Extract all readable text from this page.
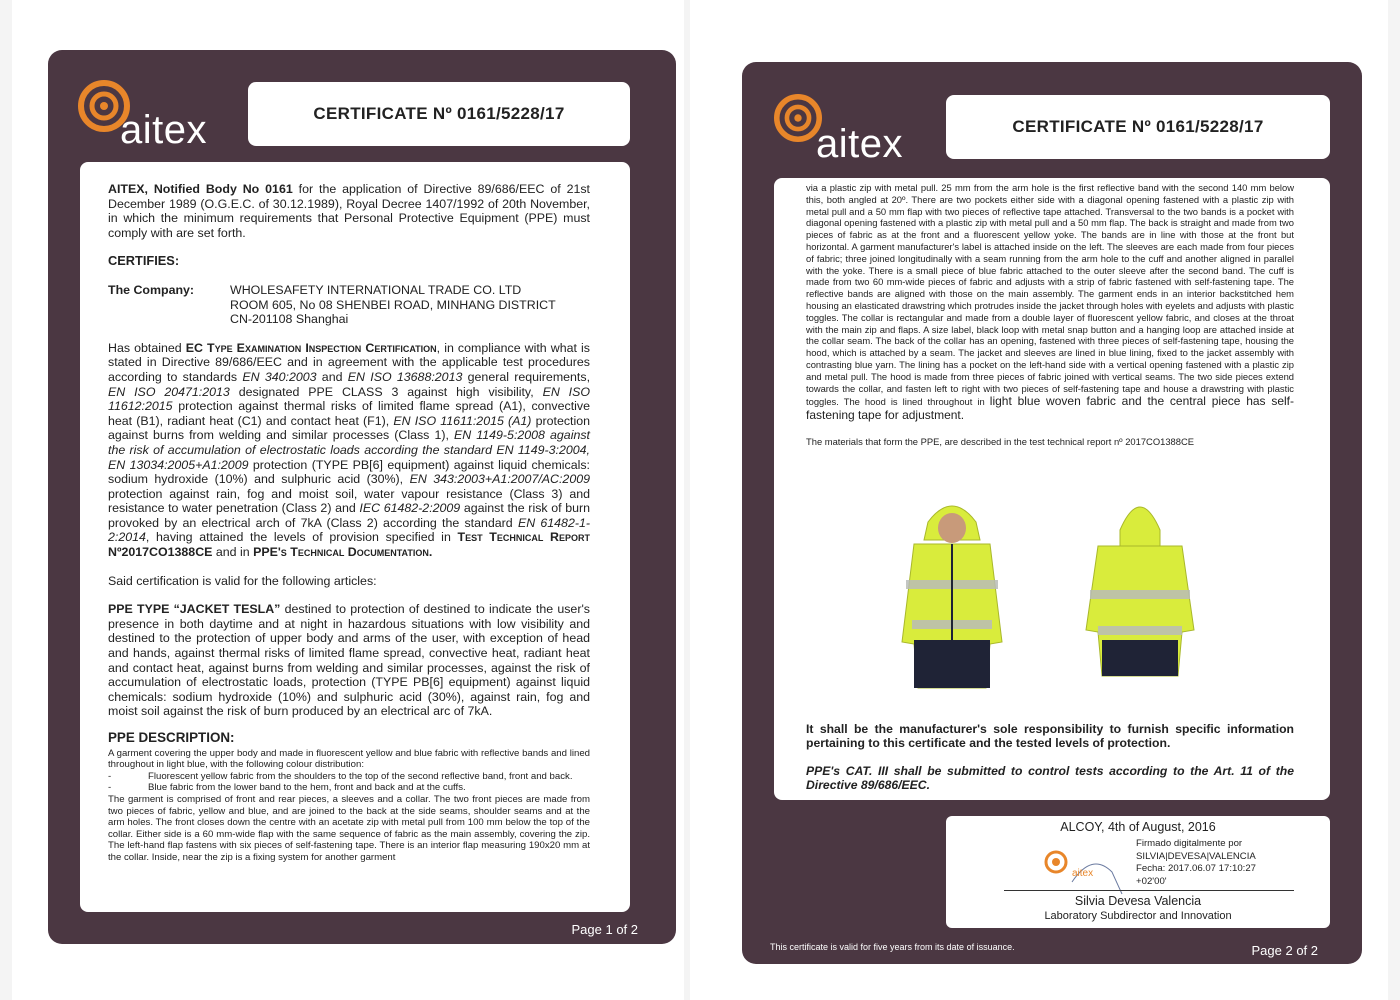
aitex	CERTIFICATE Nº 0161/5228/17

AITEX, Notified Body No 0161 for the application of Directive 89/686/EEC of 21st December 1989 (O.G.E.C. of 30.12.1989), Royal Decree 1407/1992 of 20th November, in which the minimum requirements that Personal Protective Equipment (PPE) must comply with are set forth.

CERTIFIES:

The Company:	WHOLESAFETY INTERNATIONAL TRADE CO. LTD
ROOM 605, No 08 SHENBEI ROAD, MINHANG DISTRICT
CN-201108 Shanghai

Has obtained EC Type Examination Inspection Certification, in compliance with what is stated in Directive 89/686/EEC and in agreement with the applicable test procedures according to standards EN 340:2003 and EN ISO 13688:2013 general requirements, EN ISO 20471:2013 designated PPE CLASS 3 against high visibility, EN ISO 11612:2015 protection against thermal risks of limited flame spread (A1), convective heat (B1), radiant heat (C1) and contact heat (F1), EN ISO 11611:2015 (A1) protection against burns from welding and similar processes (Class 1), EN 1149-5:2008 against the risk of accumulation of electrostatic loads according the standard EN 1149-3:2004, EN 13034:2005+A1:2009 protection (TYPE PB[6] equipment) against liquid chemicals: sodium hydroxide (10%) and sulphuric acid (30%), EN 343:2003+A1:2007/AC:2009 protection against rain, fog and moist soil, water vapour resistance (Class 3) and resistance to water penetration (Class 2) and IEC 61482-2:2009 against the risk of burn provoked by an electrical arch of 7kA (Class 2) according the standard EN 61482-1-2:2014, having attained the levels of provision specified in Test Technical Report Nº2017CO1388CE and in PPE's Technical Documentation.

Said certification is valid for the following articles:

PPE TYPE “JACKET TESLA” destined to protection of destined to indicate the user's presence in both daytime and at night in hazardous situations with low visibility and destined to the protection of upper body and arms of the user, with exception of head and hands, against thermal risks of limited flame spread, convective heat, radiant heat and contact heat, against burns from welding and similar processes, against the risk of accumulation of electrostatic loads, protection (TYPE PB[6] equipment) against liquid chemicals: sodium hydroxide (10%) and sulphuric acid (30%), against rain, fog and moist soil against the risk of burn produced by an electrical arc of 7kA.

PPE DESCRIPTION:

A garment covering the upper body and made in fluorescent yellow and blue fabric with reflective bands and lined throughout in light blue, with the following colour distribution:

-	Fluorescent yellow fabric from the shoulders to the top of the second reflective band, front and back.
-	Blue fabric from the lower band to the hem, front and back and at the cuffs.

The garment is comprised of front and rear pieces, a sleeves and a collar. The two front pieces are made from two pieces of fabric, yellow and blue, and are joined to the back at the side seams, shoulder seams and at the arm holes. The front closes down the centre with an acetate zip with metal pull from 100 mm below the top of the collar. Either side is a 60 mm-wide flap with the same sequence of fabric as the main assembly, covering the zip. The left-hand flap fastens with six pieces of self-fastening tape. There is an interior flap measuring 190x20 mm at the collar. Inside, near the zip is a fixing system for another garment

Page 1 of 2
aitex	CERTIFICATE Nº 0161/5228/17

via a plastic zip with metal pull. 25 mm from the arm hole is the first reflective band with the second 140 mm below this, both angled at 20º. There are two pockets either side with a diagonal opening fastened with a plastic zip with metal pull and a 50 mm flap with two pieces of reflective tape attached. Transversal to the two bands is a pocket with diagonal opening fastened with a plastic zip with metal pull and a 50 mm flap. The back is straight and made from two pieces of fabric as at the front and a fluorescent yellow yoke. The bands are in line with those at the front but horizontal. A garment manufacturer's label is attached inside on the left. The sleeves are each made from four pieces of fabric; three joined longitudinally with a seam running from the arm hole to the cuff and another aligned in parallel with the yoke. There is a small piece of blue fabric attached to the outer sleeve after the second band. The cuff is made from two 60 mm-wide pieces of fabric and adjusts with a strip of fabric fastened with self-fastening tape. The reflective bands are aligned with those on the main assembly. The garment ends in an interior backstitched hem housing an elasticated drawstring which protrudes inside the jacket through holes with eyelets and adjusts with plastic toggles. The collar is rectangular and made from a double layer of fluorescent yellow fabric, and closes at the throat with the main zip and flaps. A size label, black loop with metal snap button and a hanging loop are attached inside at the collar seam. The back of the collar has an opening, fastened with three pieces of self-fastening tape, housing the hood, which is attached by a seam. The jacket and sleeves are lined in blue lining, fixed to the jacket assembly with contrasting blue yarn. The lining has a pocket on the left-hand side with a vertical opening fastened with a plastic zip and metal pull. The hood is made from three pieces of fabric joined with vertical seams. The two side pieces extend towards the collar, and fasten left to right with two pieces of self-fastening tape and house a drawstring with plastic toggles. The hood is lined throughout in light blue woven fabric and the central piece has self-fastening tape for adjustment.

The materials that form the PPE, are described in the test technical report nº 2017CO1388CE

It shall be the manufacturer's sole responsibility to furnish specific information pertaining to this certificate and the tested levels of protection.

PPE's CAT. III shall be submitted to control tests according to the Art. 11 of the Directive 89/686/EEC.

ALCOY, 4th of August, 2016
aitex
Firmado digitalmente por
SILVIA|DEVESA|VALENCIA
Fecha: 2017.06.07 17:10:27
+02'00'
Silvia Devesa Valencia
Laboratory Subdirector and Innovation
This certificate is valid for five years from its date of issuance.	Page 2 of 2
